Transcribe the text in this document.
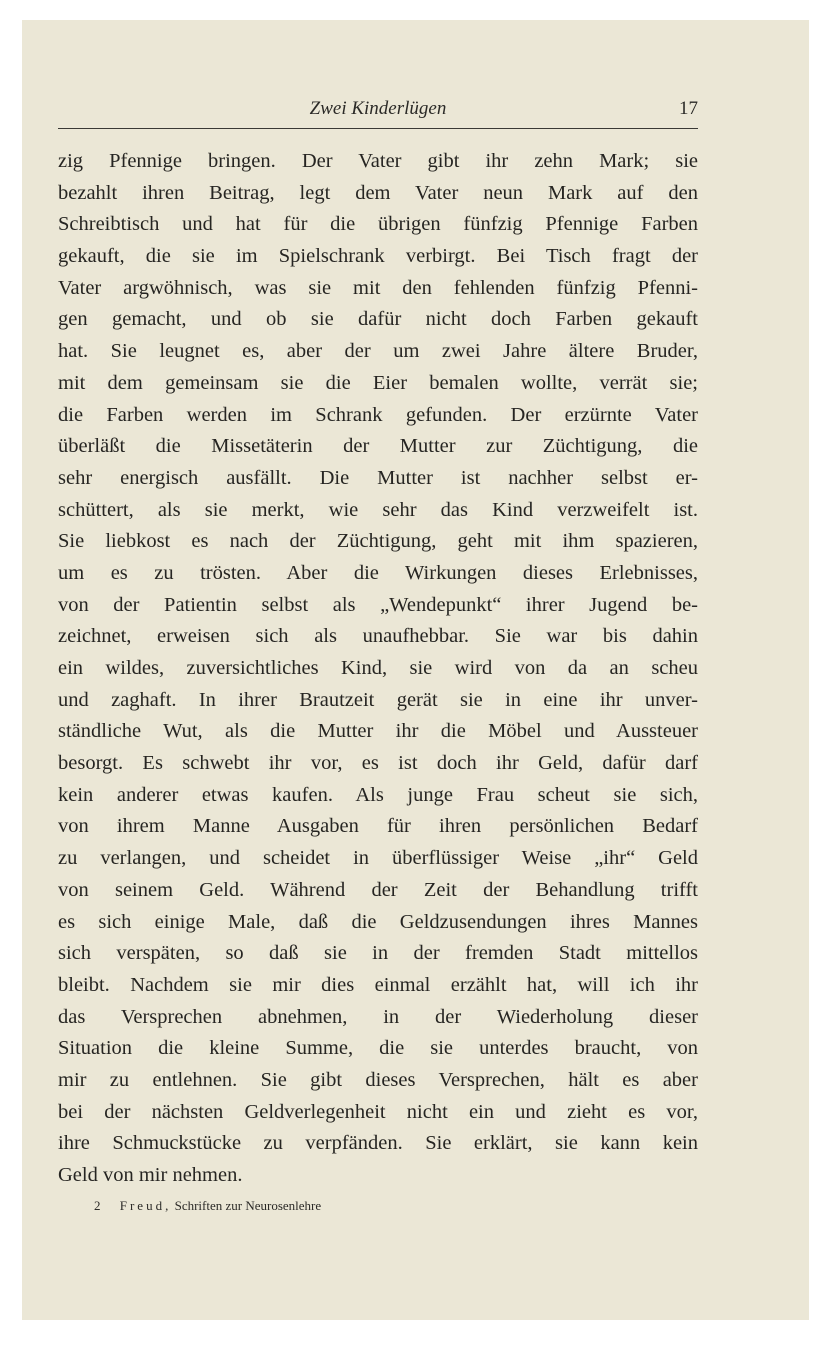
Zwei Kinderlügen	17
zig Pfennige bringen. Der Vater gibt ihr zehn Mark; sie
bezahlt ihren Beitrag, legt dem Vater neun Mark auf den
Schreibtisch und hat für die übrigen fünfzig Pfennige Farben
gekauft, die sie im Spielschrank verbirgt. Bei Tisch fragt der
Vater argwöhnisch, was sie mit den fehlenden fünfzig Pfenni-
gen gemacht, und ob sie dafür nicht doch Farben gekauft
hat. Sie leugnet es, aber der um zwei Jahre ältere Bruder,
mit dem gemeinsam sie die Eier bemalen wollte, verrät sie;
die Farben werden im Schrank gefunden. Der erzürnte Vater
überläßt die Missetäterin der Mutter zur Züchtigung, die
sehr energisch ausfällt. Die Mutter ist nachher selbst er-
schüttert, als sie merkt, wie sehr das Kind verzweifelt ist.
Sie liebkost es nach der Züchtigung, geht mit ihm spazieren,
um es zu trösten. Aber die Wirkungen dieses Erlebnisses,
von der Patientin selbst als „Wendepunkt“ ihrer Jugend be-
zeichnet, erweisen sich als unaufhebbar. Sie war bis dahin
ein wildes, zuversichtliches Kind, sie wird von da an scheu
und zaghaft. In ihrer Brautzeit gerät sie in eine ihr unver-
ständliche Wut, als die Mutter ihr die Möbel und Aussteuer
besorgt. Es schwebt ihr vor, es ist doch ihr Geld, dafür darf
kein anderer etwas kaufen. Als junge Frau scheut sie sich,
von ihrem Manne Ausgaben für ihren persönlichen Bedarf
zu verlangen, und scheidet in überflüssiger Weise „ihr“ Geld
von seinem Geld. Während der Zeit der Behandlung trifft
es sich einige Male, daß die Geldzusendungen ihres Mannes
sich verspäten, so daß sie in der fremden Stadt mittellos
bleibt. Nachdem sie mir dies einmal erzählt hat, will ich ihr
das Versprechen abnehmen, in der Wiederholung dieser
Situation die kleine Summe, die sie unterdes braucht, von
mir zu entlehnen. Sie gibt dieses Versprechen, hält es aber
bei der nächsten Geldverlegenheit nicht ein und zieht es vor,
ihre Schmuckstücke zu verpfänden. Sie erklärt, sie kann kein
Geld von mir nehmen.
2 Freud, Schriften zur Neurosenlehre
